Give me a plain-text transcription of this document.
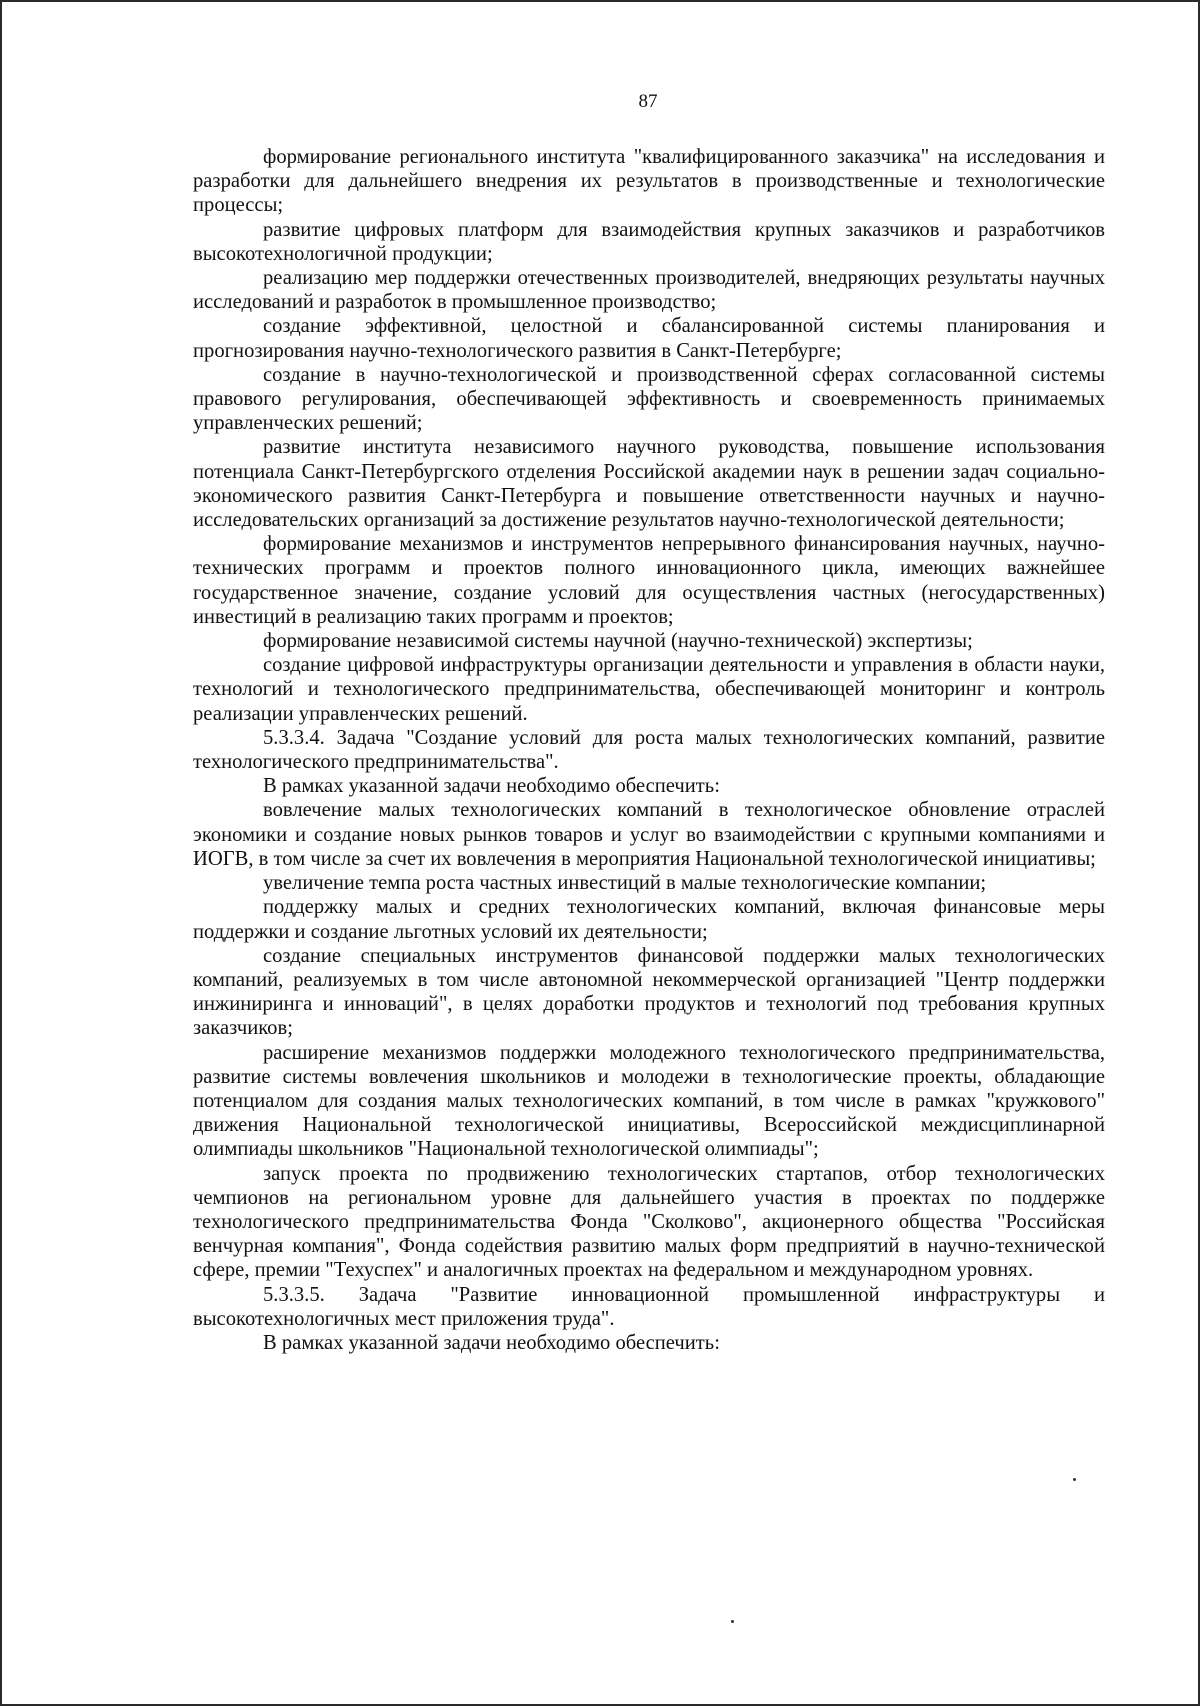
87

формирование регионального института "квалифицированного заказчика" на исследования и разработки для дальнейшего внедрения их результатов в производственные и технологические процессы;

развитие цифровых платформ для взаимодействия крупных заказчиков и разработчиков высокотехнологичной продукции;

реализацию мер поддержки отечественных производителей, внедряющих результаты научных исследований и разработок в промышленное производство;

создание эффективной, целостной и сбалансированной системы планирования и прогнозирования научно-технологического развития в Санкт-Петербурге;

создание в научно-технологической и производственной сферах согласованной системы правового регулирования, обеспечивающей эффективность и своевременность принимаемых управленческих решений;

развитие института независимого научного руководства, повышение использования потенциала Санкт-Петербургского отделения Российской академии наук в решении задач социально-экономического развития Санкт-Петербурга и повышение ответственности научных и научно-исследовательских организаций за достижение результатов научно-технологической деятельности;

формирование механизмов и инструментов непрерывного финансирования научных, научно-технических программ и проектов полного инновационного цикла, имеющих важнейшее государственное значение, создание условий для осуществления частных (негосударственных) инвестиций в реализацию таких программ и проектов;

формирование независимой системы научной (научно-технической) экспертизы;

создание цифровой инфраструктуры организации деятельности и управления в области науки, технологий и технологического предпринимательства, обеспечивающей мониторинг и контроль реализации управленческих решений.

5.3.3.4. Задача "Создание условий для роста малых технологических компаний, развитие технологического предпринимательства".

В рамках указанной задачи необходимо обеспечить:

вовлечение малых технологических компаний в технологическое обновление отраслей экономики и создание новых рынков товаров и услуг во взаимодействии с крупными компаниями и ИОГВ, в том числе за счет их вовлечения в мероприятия Национальной технологической инициативы;

увеличение темпа роста частных инвестиций в малые технологические компании;

поддержку малых и средних технологических компаний, включая финансовые меры поддержки и создание льготных условий их деятельности;

создание специальных инструментов финансовой поддержки малых технологических компаний, реализуемых в том числе автономной некоммерческой организацией "Центр поддержки инжиниринга и инноваций", в целях доработки продуктов и технологий под требования крупных заказчиков;

расширение механизмов поддержки молодежного технологического предпринимательства, развитие системы вовлечения школьников и молодежи в технологические проекты, обладающие потенциалом для создания малых технологических компаний, в том числе в рамках "кружкового" движения Национальной технологической инициативы, Всероссийской междисциплинарной олимпиады школьников "Национальной технологической олимпиады";

запуск проекта по продвижению технологических стартапов, отбор технологических чемпионов на региональном уровне для дальнейшего участия в проектах по поддержке технологического предпринимательства Фонда "Сколково", акционерного общества "Российская венчурная компания", Фонда содействия развитию малых форм предприятий в научно-технической сфере, премии "Техуспех" и аналогичных проектах на федеральном и международном уровнях.

5.3.3.5. Задача "Развитие инновационной промышленной инфраструктуры и высокотехнологичных мест приложения труда".

В рамках указанной задачи необходимо обеспечить:
